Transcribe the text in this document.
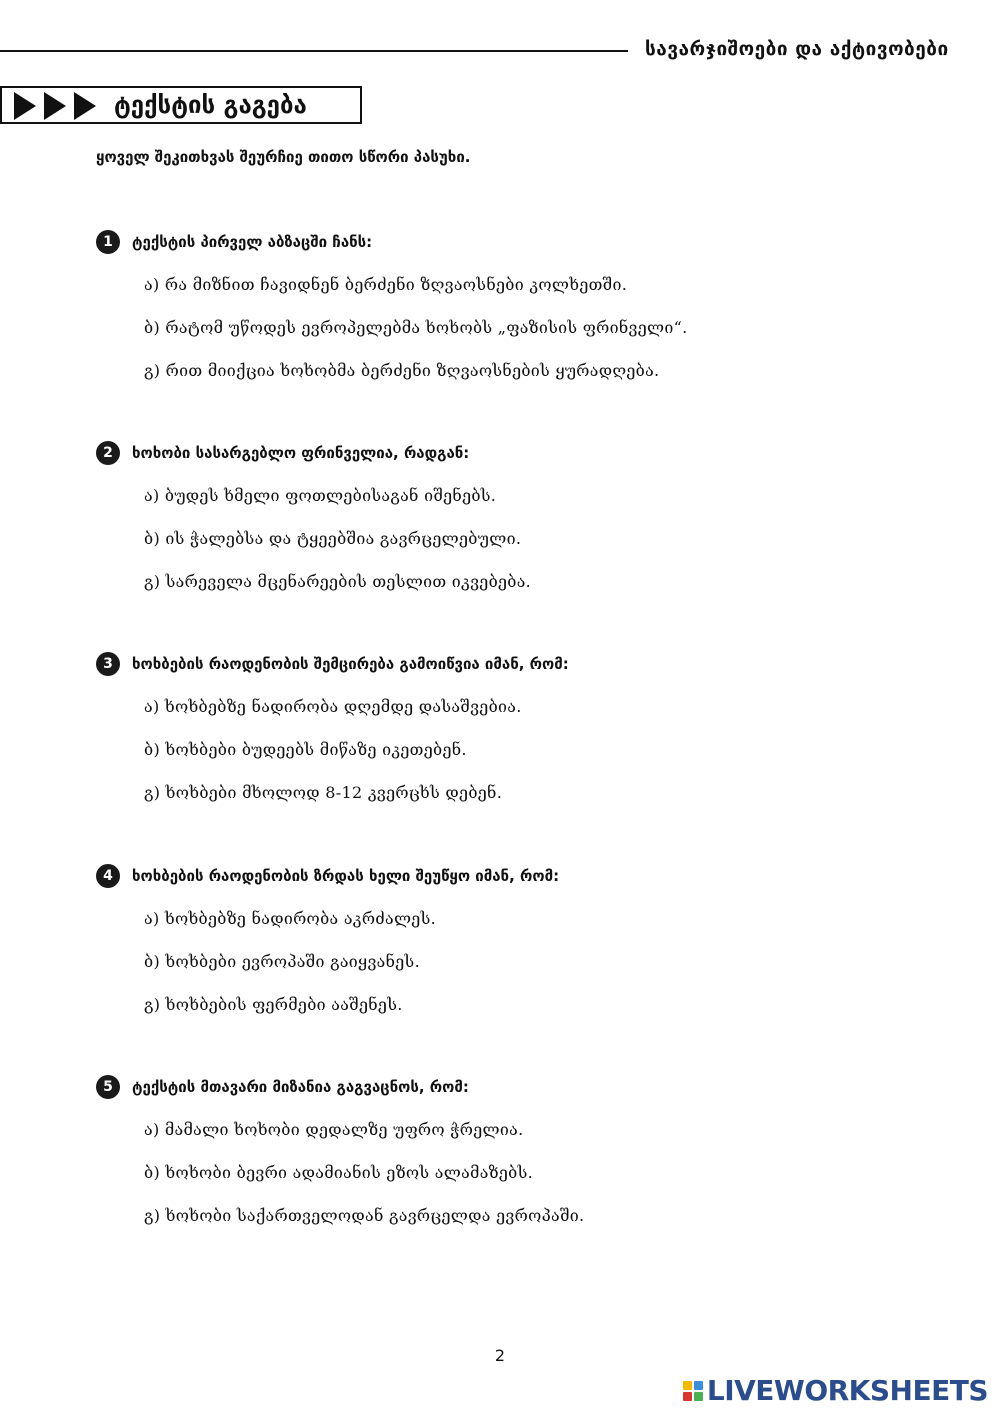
სავარჯიშოები და აქტივობები
ტექსტის გაგება
ყოველ შეკითხვას შეურჩიე თითო სწორი პასუხი.
1	ტექსტის პირველ აბზაცში ჩანს:
ა) რა მიზნით ჩავიდნენ ბერძენი ზღვაოსნები კოლხეთში.
ბ) რატომ უწოდეს ევროპელებმა ხოხობს „ფაზისის ფრინველი“.
გ) რით მიიქცია ხოხობმა ბერძენი ზღვაოსნების ყურადღება.
2	ხოხობი სასარგებლო ფრინველია, რადგან:
ა) ბუდეს ხმელი ფოთლებისაგან იშენებს.
ბ) ის ჭალებსა და ტყეებშია გავრცელებული.
გ) სარეველა მცენარეების თესლით იკვებება.
3	ხოხბების რაოდენობის შემცირება გამოიწვია იმან, რომ:
ა) ხოხბებზე ნადირობა დღემდე დასაშვებია.
ბ) ხოხბები ბუდეებს მიწაზე იკეთებენ.
გ) ხოხბები მხოლოდ 8-12 კვერცხს დებენ.
4	ხოხბების რაოდენობის ზრდას ხელი შეუწყო იმან, რომ:
ა) ხოხბებზე ნადირობა აკრძალეს.
ბ) ხოხბები ევროპაში გაიყვანეს.
გ) ხოხბების ფერმები ააშენეს.
5	ტექსტის მთავარი მიზანია გაგვაცნოს, რომ:
ა) მამალი ხოხობი დედალზე უფრო ჭრელია.
ბ) ხოხობი ბევრი ადამიანის ეზოს ალამაზებს.
გ) ხოხობი საქართველოდან გავრცელდა ევროპაში.
2
LIVEWORKSHEETS
